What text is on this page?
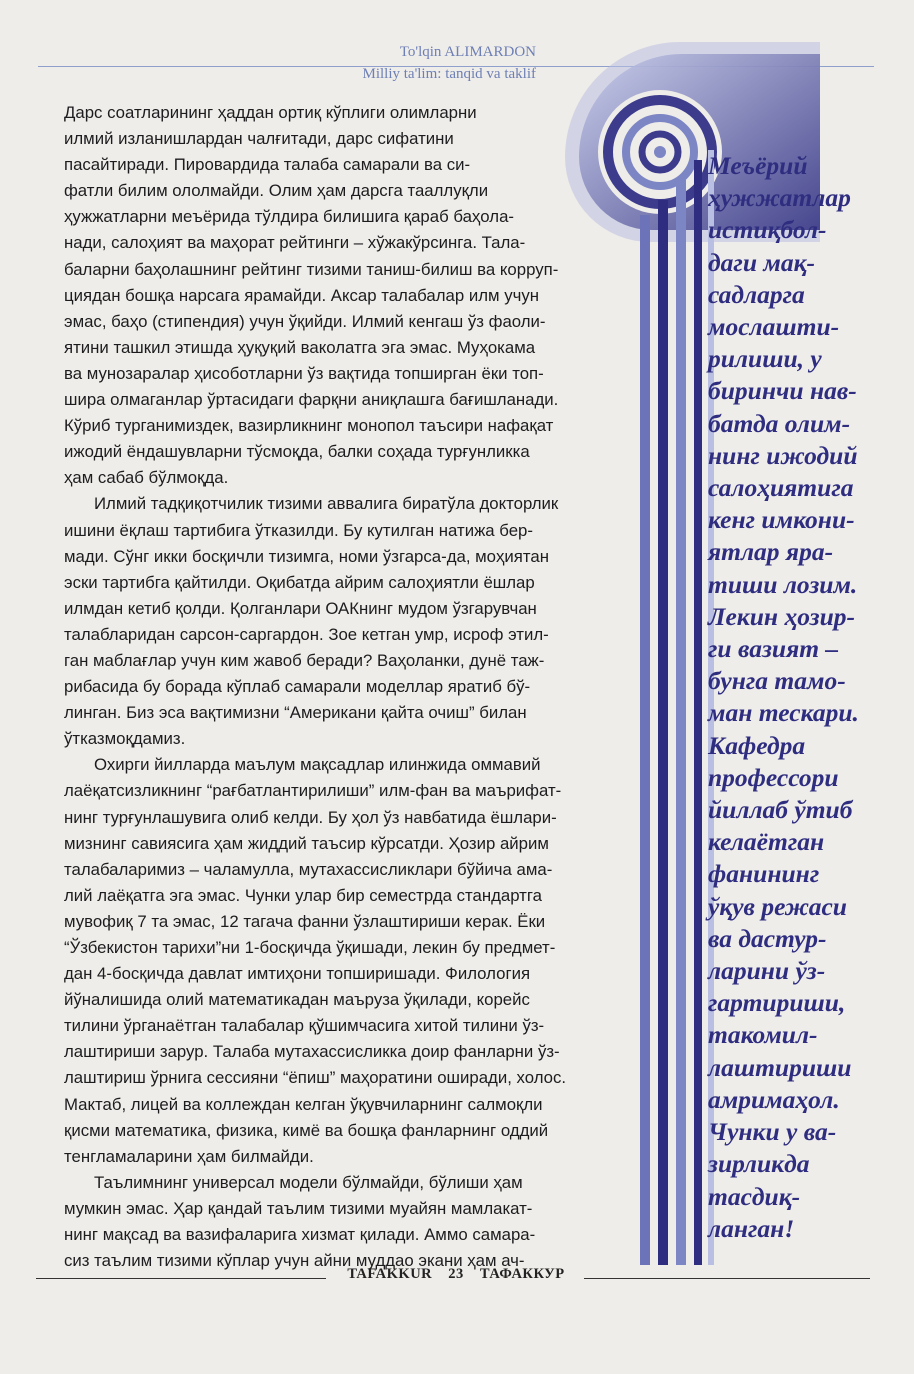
To'lqin ALIMARDON
Milliy ta'lim: tanqid va taklif

Дарс соатларининг ҳаддан ортиқ кўплиги олимларни
илмий изланишлардан чалғитади, дарс сифатини
пасайтиради. Пировардида талаба самарали ва си-
фатли билим ололмайди. Олим ҳам дарсга тааллуқли
ҳужжатларни меъёрида тўлдира билишига қараб баҳола-
нади, салоҳият ва маҳорат рейтинги – хўжакўрсинга. Тала-
баларни баҳолашнинг рейтинг тизими таниш-билиш ва корруп-
циядан бошқа нарсага ярамайди. Аксар талабалар илм учун
эмас, баҳо (стипендия) учун ўқийди. Илмий кенгаш ўз фаоли-
ятини ташкил этишда ҳуқуқий ваколатга эга эмас. Муҳокама
ва мунозаралар ҳисоботларни ўз вақтида топширган ёки топ-
шира олмаганлар ўртасидаги фарқни аниқлашга бағишланади.
Кўриб турганимиздек, вазирликнинг монопол таъсири нафақат
ижодий ёндашувларни тўсмоқда, балки соҳада турғунликка
ҳам сабаб бўлмоқда.

Илмий тадқиқотчилик тизими аввалига биратўла докторлик
ишини ёқлаш тартибига ўтказилди. Бу кутилган натижа бер-
мади. Сўнг икки босқичли тизимга, номи ўзгарса-да, моҳиятан
эски тартибга қайтилди. Оқибатда айрим салоҳиятли ёшлар
илмдан кетиб қолди. Қолганлари ОАКнинг мудом ўзгарувчан
талабларидан сарсон-саргардон. Зое кетган умр, исроф этил-
ган маблағлар учун ким жавоб беради? Ваҳоланки, дунё таж-
рибасида бу борада кўплаб самарали моделлар яратиб бў-
линган. Биз эса вақтимизни “Американи қайта очиш” билан
ўтказмоқдамиз.

Охирги йилларда маълум мақсадлар илинжида оммавий
лаёқатсизликнинг “рағбатлантирилиши” илм-фан ва маърифат-
нинг турғунлашувига олиб келди. Бу ҳол ўз навбатида ёшлари-
мизнинг савиясига ҳам жиддий таъсир кўрсатди. Ҳозир айрим
талабаларимиз – чаламулла, мутахассисликлари бўйича ама-
лий лаёқатга эга эмас. Чунки улар бир семестрда стандартга
мувофиқ 7 та эмас, 12 тагача фанни ўзлаштириши керак. Ёки
“Ўзбекистон тарихи”ни 1-босқичда ўқишади, лекин бу предмет-
дан 4-босқичда давлат имтиҳони топширишади. Филология
йўналишида олий математикадан маъруза ўқилади, корейс
тилини ўрганаётган талабалар қўшимчасига хитой тилини ўз-
лаштириши зарур. Талаба мутахассисликка доир фанларни ўз-
лаштириш ўрнига сессияни “ёпиш” маҳоратини оширади, холос.
Мактаб, лицей ва коллеждан келган ўқувчиларнинг салмоқли
қисми математика, физика, кимё ва бошқа фанларнинг оддий
тенгламаларини ҳам билмайди.

Таълимнинг универсал модели бўлмайди, бўлиши ҳам
мумкин эмас. Ҳар қандай таълим тизими муайян мамлакат-
нинг мақсад ва вазифаларига хизмат қилади. Аммо самара-
сиз таълим тизими кўплар учун айни муддао экани ҳам ач-

Меъёрий
ҳужжатлар
истиқбол-
даги мақ-
садларга
мослашти-
рилиши, у
биринчи нав-
батда олим-
нинг ижодий
салоҳиятига
кенг имкони-
ятлар яра-
тиши лозим.
Лекин ҳозир-
ги вазият –
бунга тамо-
ман тескари.
Кафедра
профессори
йиллаб ўтиб
келаётган
фанининг
ўқув режаси
ва дастур-
ларини ўз-
гартириши,
такомил-
лаштириши
амримаҳол.
Чунки у ва-
зирликда
тасдиқ-
ланган!
TAFAKKUR 23 ТАФАККУР
